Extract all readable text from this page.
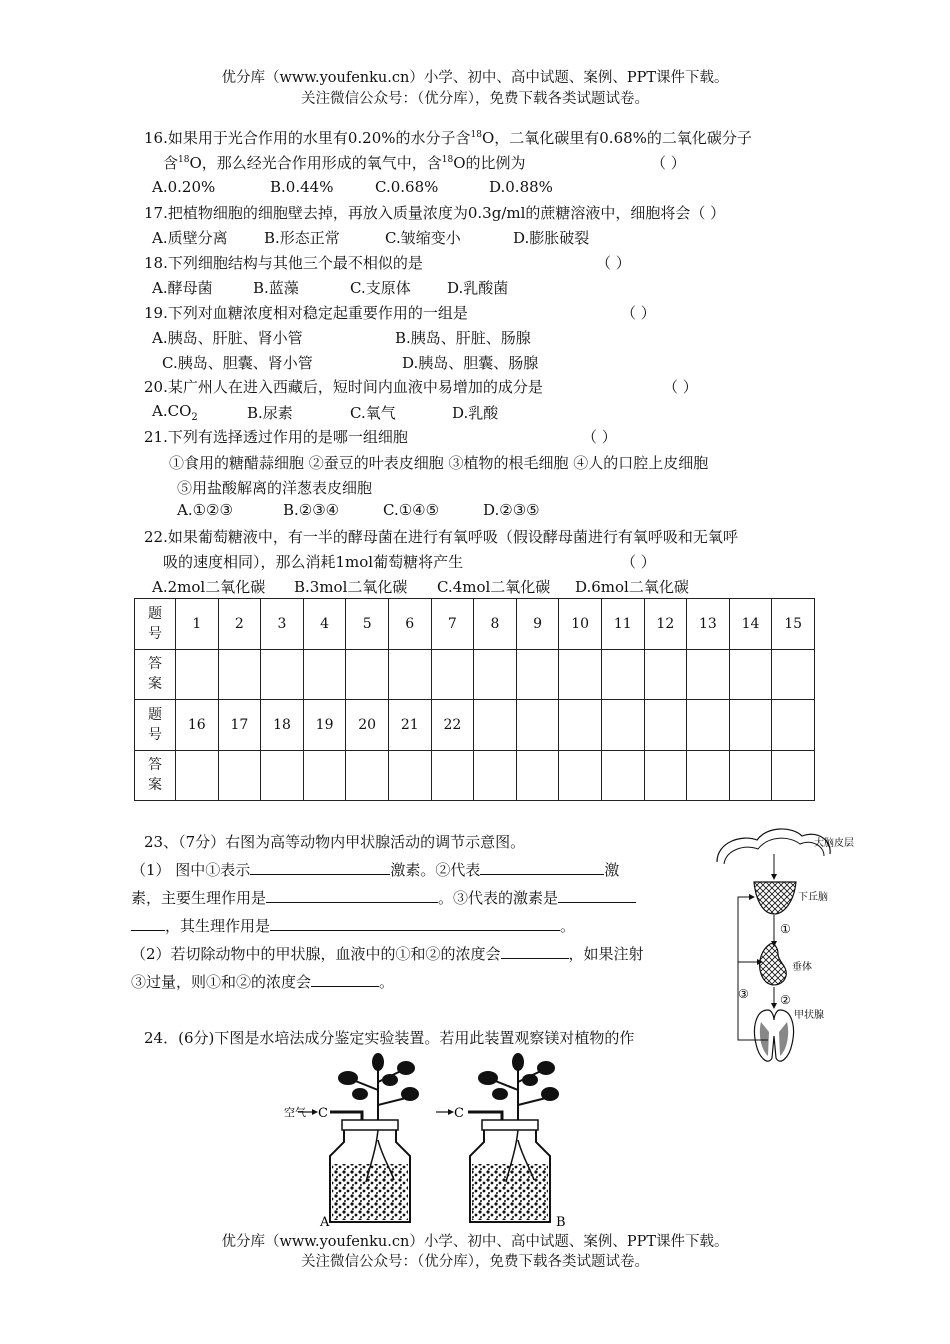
优分库（www.youfenku.cn）小学、初中、高中试题、案例、PPT课件下载。
关注微信公众号：（优分库），免费下载各类试题试卷。
16.如果用于光合作用的水里有0.20%的水分子含$^{18}$O，二氧化碳里有0.68%的二氧化碳分子
含$^{18}$O，那么经光合作用形成的氧气中，含$^{18}$O的比例为	（ ）
A.0.20%	B.0.44%	C.0.68%	D.0.88%
17.把植物细胞的细胞壁去掉，再放入质量浓度为0.3g/ml的蔗糖溶液中，细胞将会（ ）
A.质壁分离 B.形态正常	C.皱缩变小	D.膨胀破裂
18.下列细胞结构与其他三个最不相似的是	（ ）
A.酵母菌	B.蓝藻	C.支原体 D.乳酸菌
19.下列对血糖浓度相对稳定起重要作用的一组是	（ ）
A.胰岛、肝脏、肾小管	B.胰岛、肝脏、肠腺
C.胰岛、胆囊、肾小管	D.胰岛、胆囊、肠腺
20.某广州人在进入西藏后，短时间内血液中易增加的成分是	（ ）
$A.CO_2$	B.尿素	C.氧气	D.乳酸
21.下列有选择透过作用的是哪一组细胞	（ ）
①食用的糖醋蒜细胞 ②蚕豆的叶表皮细胞 ③植物的根毛细胞 ④人的口腔上皮细胞
⑤用盐酸解离的洋葱表皮细胞
A.①②③	B.②③④	C.①④⑤	D.②③⑤
22.如果葡萄糖液中，有一半的酵母菌在进行有氧呼吸（假设酵母菌进行有氧呼吸和无氧呼
吸的速度相同），那么消耗1mol葡萄糖将产生	（ ）
A.2mol二氧化碳 B.3mol二氧化碳 C.4mol二氧化碳 D.6mol二氧化碳
题
号	1	2	3	4	5	6	7	8	9	10	11	12	13	14	15
答
案															
题
号	16	17	18	19	20	21	22								
答
案															
23、（7分）右图为高等动物内甲状腺活动的调节示意图。
（1） 图中①表示	激素。②代表	激
素，主要生理作用是	。③代表的激素是
，其生理作用是	。
（2）若切除动物中的甲状腺，血液中的①和②的浓度会	，如果注射
③过量，则①和②的浓度会	。
大脑皮层
下丘脑
①
垂体
②
甲状腺
③
24．(6分)下图是水培法成分鉴定实验装置。若用此装置观察镁对植物的作
空气 C
A
C
B
优分库（www.youfenku.cn）小学、初中、高中试题、案例、PPT课件下载。
关注微信公众号：（优分库），免费下载各类试题试卷。
